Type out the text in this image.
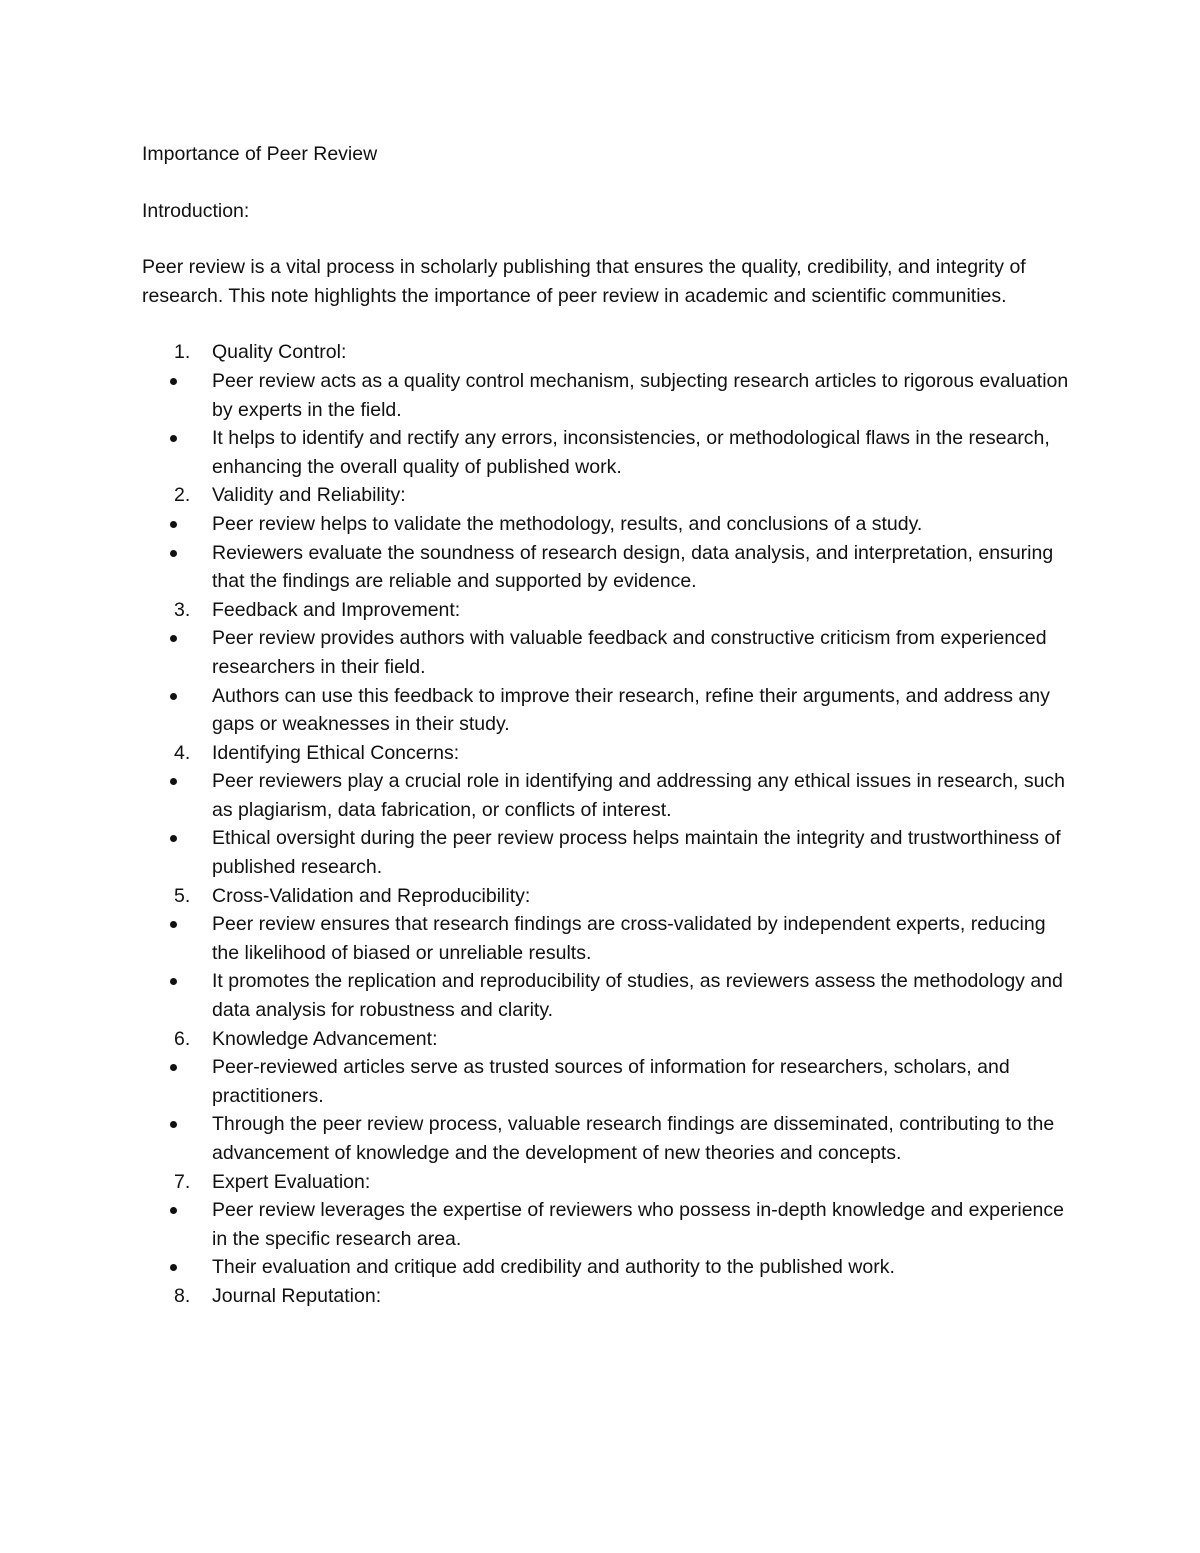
Importance of Peer Review
Introduction:
Peer review is a vital process in scholarly publishing that ensures the quality, credibility, and integrity of research. This note highlights the importance of peer review in academic and scientific communities.
1. Quality Control:
Peer review acts as a quality control mechanism, subjecting research articles to rigorous evaluation by experts in the field.
It helps to identify and rectify any errors, inconsistencies, or methodological flaws in the research, enhancing the overall quality of published work.
2. Validity and Reliability:
Peer review helps to validate the methodology, results, and conclusions of a study.
Reviewers evaluate the soundness of research design, data analysis, and interpretation, ensuring that the findings are reliable and supported by evidence.
3. Feedback and Improvement:
Peer review provides authors with valuable feedback and constructive criticism from experienced researchers in their field.
Authors can use this feedback to improve their research, refine their arguments, and address any gaps or weaknesses in their study.
4. Identifying Ethical Concerns:
Peer reviewers play a crucial role in identifying and addressing any ethical issues in research, such as plagiarism, data fabrication, or conflicts of interest.
Ethical oversight during the peer review process helps maintain the integrity and trustworthiness of published research.
5. Cross-Validation and Reproducibility:
Peer review ensures that research findings are cross-validated by independent experts, reducing the likelihood of biased or unreliable results.
It promotes the replication and reproducibility of studies, as reviewers assess the methodology and data analysis for robustness and clarity.
6. Knowledge Advancement:
Peer-reviewed articles serve as trusted sources of information for researchers, scholars, and practitioners.
Through the peer review process, valuable research findings are disseminated, contributing to the advancement of knowledge and the development of new theories and concepts.
7. Expert Evaluation:
Peer review leverages the expertise of reviewers who possess in-depth knowledge and experience in the specific research area.
Their evaluation and critique add credibility and authority to the published work.
8. Journal Reputation:
